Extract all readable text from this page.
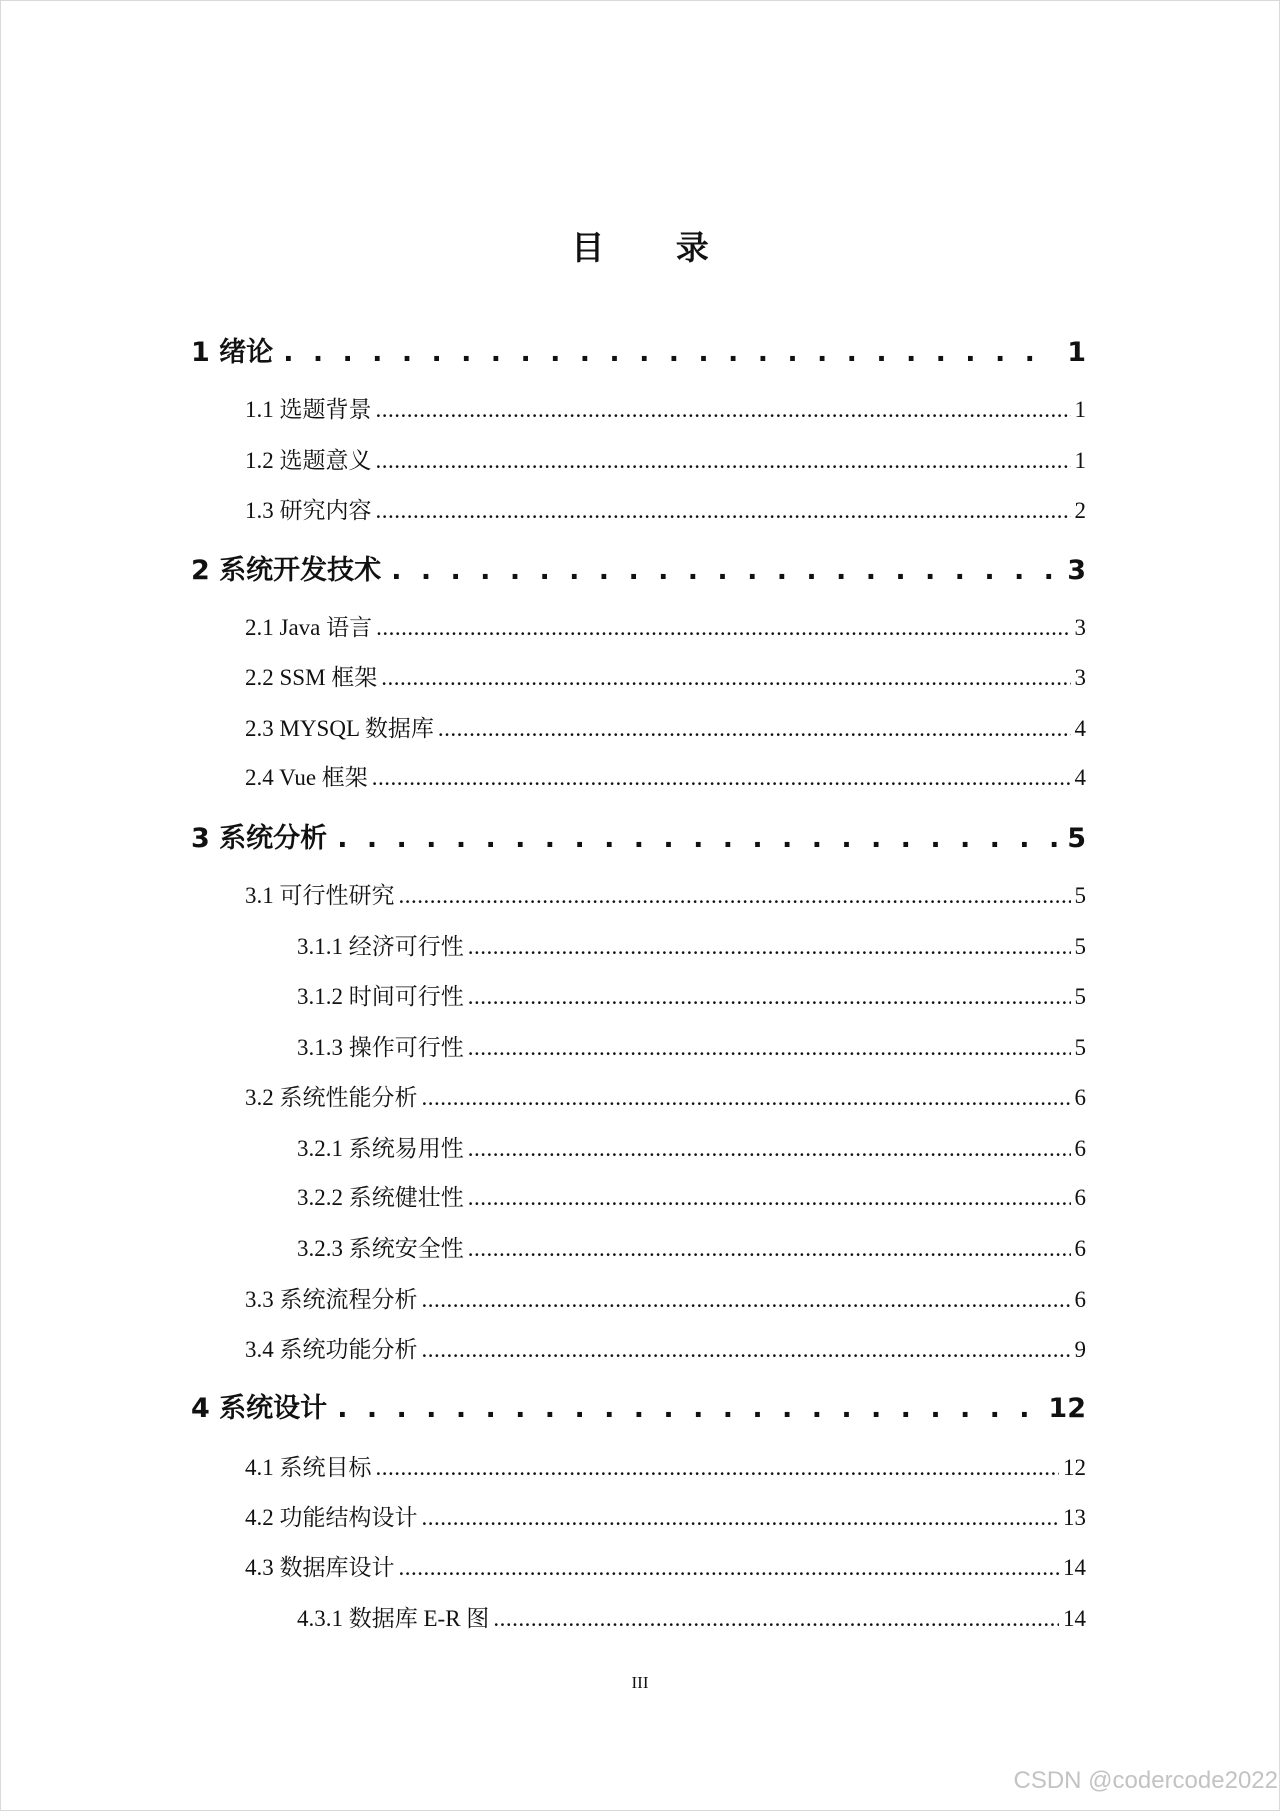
目 录
1 绪论 . . .	1
1.1 选题背景 .....	1
1.2 选题意义 .....	1
1.3 研究内容 .....	2
2 系统开发技术 . . .	3
2.1 Java 语言 .....	3
2.2 SSM 框架 .....	3
2.3 MYSQL 数据库 .....	4
2.4 Vue 框架 .....	4
3 系统分析 . . .	5
3.1 可行性研究 .....	5
3.1.1 经济可行性 .....	5
3.1.2 时间可行性 .....	5
3.1.3 操作可行性 .....	5
3.2 系统性能分析 .....	6
3.2.1 系统易用性 .....	6
3.2.2 系统健壮性 .....	6
3.2.3 系统安全性 .....	6
3.3 系统流程分析 .....	6
3.4 系统功能分析 .....	9
4 系统设计 . . .	12
4.1 系统目标 .....	12
4.2 功能结构设计 .....	13
4.3 数据库设计 .....	14
4.3.1 数据库 E-R 图 .....	14
III
CSDN @codercode2022
